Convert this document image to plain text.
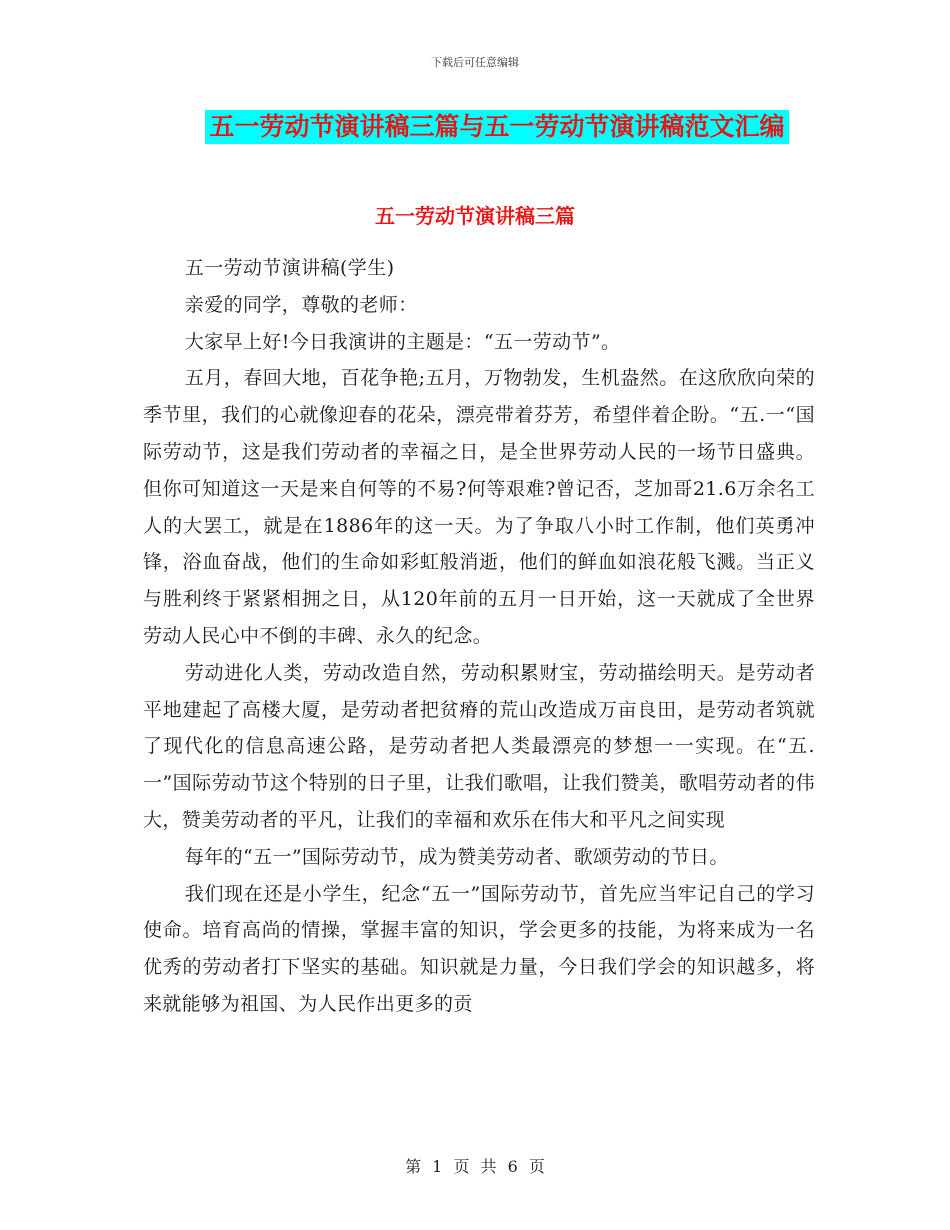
下载后可任意编辑
五一劳动节演讲稿三篇与五一劳动节演讲稿范文汇编
五一劳动节演讲稿三篇

五一劳动节演讲稿(学生)

亲爱的同学，尊敬的老师：

大家早上好!今日我演讲的主题是：“五一劳动节”。

五月，春回大地，百花争艳;五月，万物勃发，生机盎然。在这欣欣向荣的季节里，我们的心就像迎春的花朵，漂亮带着芬芳，希望伴着企盼。“五.一“国际劳动节，这是我们劳动者的幸福之日，是全世界劳动人民的一场节日盛典。但你可知道这一天是来自何等的不易?何等艰难?曾记否，芝加哥21.6万余名工人的大罢工，就是在1886年的这一天。为了争取八小时工作制，他们英勇冲锋，浴血奋战，他们的生命如彩虹般消逝，他们的鲜血如浪花般飞溅。当正义与胜利终于紧紧相拥之日，从120年前的五月一日开始，这一天就成了全世界劳动人民心中不倒的丰碑、永久的纪念。

劳动进化人类，劳动改造自然，劳动积累财宝，劳动描绘明天。是劳动者平地建起了高楼大厦，是劳动者把贫瘠的荒山改造成万亩良田，是劳动者筑就了现代化的信息高速公路，是劳动者把人类最漂亮的梦想一一实现。在“五.一”国际劳动节这个特别的日子里，让我们歌唱，让我们赞美，歌唱劳动者的伟大，赞美劳动者的平凡，让我们的幸福和欢乐在伟大和平凡之间实现

每年的“五一”国际劳动节，成为赞美劳动者、歌颂劳动的节日。

我们现在还是小学生，纪念“五一”国际劳动节，首先应当牢记自己的学习使命。培育高尚的情操，掌握丰富的知识，学会更多的技能，为将来成为一名优秀的劳动者打下坚实的基础。知识就是力量，今日我们学会的知识越多，将来就能够为祖国、为人民作出更多的贡

第 1 页 共 6 页
